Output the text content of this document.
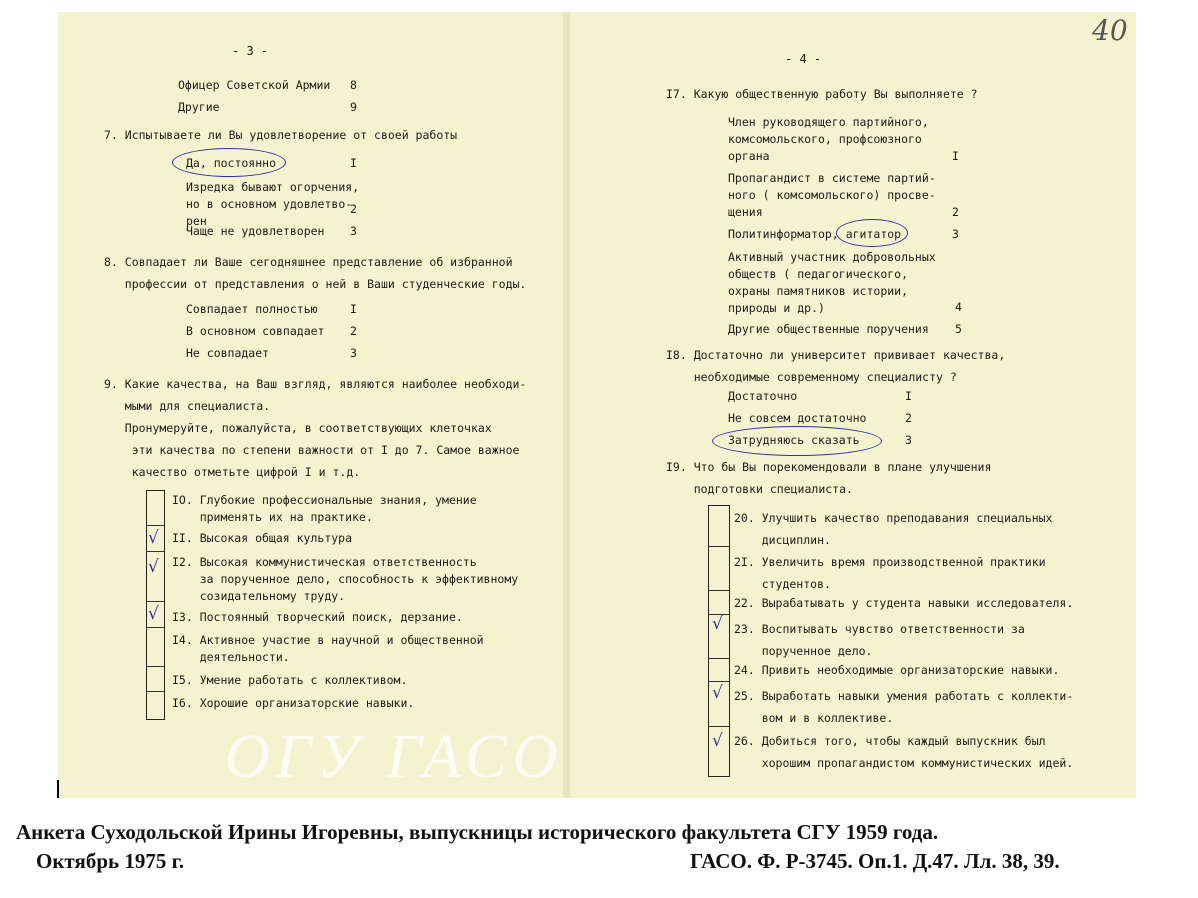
- 3 -
Офицер Советской Армии 8
Другие	9
7. Испытываете ли Вы удовлетворение от своей работы
Да, постоянно	I
Изредка бывают огорчения,
но в основном удовлетво-
рен
2
Чаще не удовлетворен 3
8. Совпадает ли Ваше сегодняшнее представление об избранной
профессии от представления о ней в Ваши студенческие годы.
Совпадает полностью	I
В основном совпадает 2
Не совпадает	3
9. Какие качества, на Ваш взгляд, являются наиболее необходи-
мыми для специалиста.
Пронумеруйте, пожалуйста, в соответствующих клеточках
эти качества по степени важности от I до 7. Самое важное
качество отметьте цифрой I и т.д.
IО. Глубокие профессиональные знания, умение
применять их на практике.
II. Высокая общая культура
√
I2. Высокая коммунистическая ответственность
за порученное дело, способность к эффективному
созидательному труду.
√
I3. Постоянный творческий поиск, дерзание.
√
I4. Активное участие в научной и общественной
деятельности.
I5. Умение работать с коллективом.
I6. Хорошие организаторские навыки.
- 4 -
40
I7. Какую общественную работу Вы выполняете ?
Член руководящего партийного,
комсомольского, профсоюзного
органа	I
Пропагандист в системе партий-
ного ( комсомольского) просве-
щения	2
Политинформатор, агитатор	3
Активный участник добровольных
обществ ( педагогического,
охраны памятников истории,
природы и др.)	4
Другие общественные поручения 5
I8. Достаточно ли университет прививает качества,
необходимые современному специалисту ?
Достаточно	I
Не совсем достаточно	2
Затрудняюсь сказать	3
I9. Что бы Вы порекомендовали в плане улучшения
подготовки специалиста.
20. Улучшить качество преподавания специальных
дисциплин.
2I. Увеличить время производственной практики
студентов.
22. Вырабатывать у студента навыки исследователя.
23. Воспитывать чувство ответственности за
порученное дело.
√
24. Привить необходимые организаторские навыки.
25. Выработать навыки умения работать с коллекти-
вом и в коллективе.
√
26. Добиться того, чтобы каждый выпускник был
хорошим пропагандистом коммунистических идей.
√
ОГУ ГАСО
Анкета Суходольской Ирины Игоревны, выпускницы исторического факультета СГУ 1959 года.
Октябрь 1975 г.	ГАСО. Ф. Р-3745. Оп.1. Д.47. Лл. 38, 39.
